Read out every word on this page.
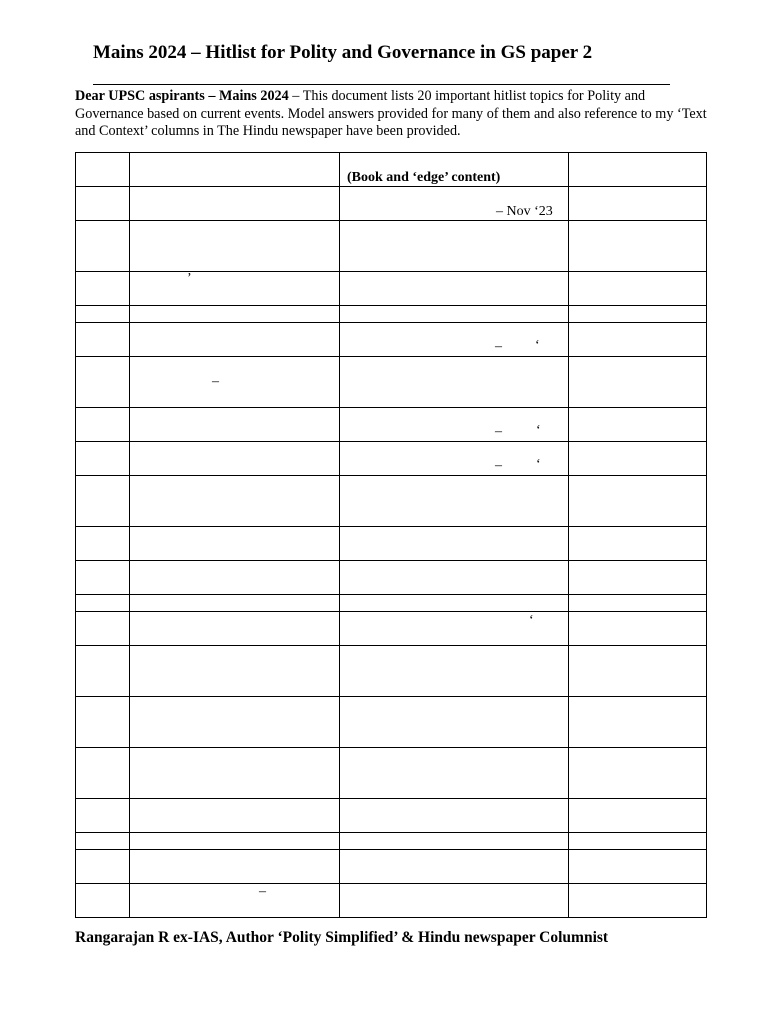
Mains 2024 – Hitlist for Polity and Governance in GS paper 2
Dear UPSC aspirants – Mains 2024 – This document lists 20 important hitlist topics for Polity and Governance based on current events. Model answers provided for many of them and also reference to my ‘Text and Context’ columns in The Hindu newspaper have been provided.

		(Book and ‘edge’ content)	

		– Nov ‘23	

	’		

		– ‘	

	–		

		– ‘	

		– ‘	

		‘	

	–		

Rangarajan R ex-IAS, Author ‘Polity Simplified’ & Hindu newspaper Columnist
